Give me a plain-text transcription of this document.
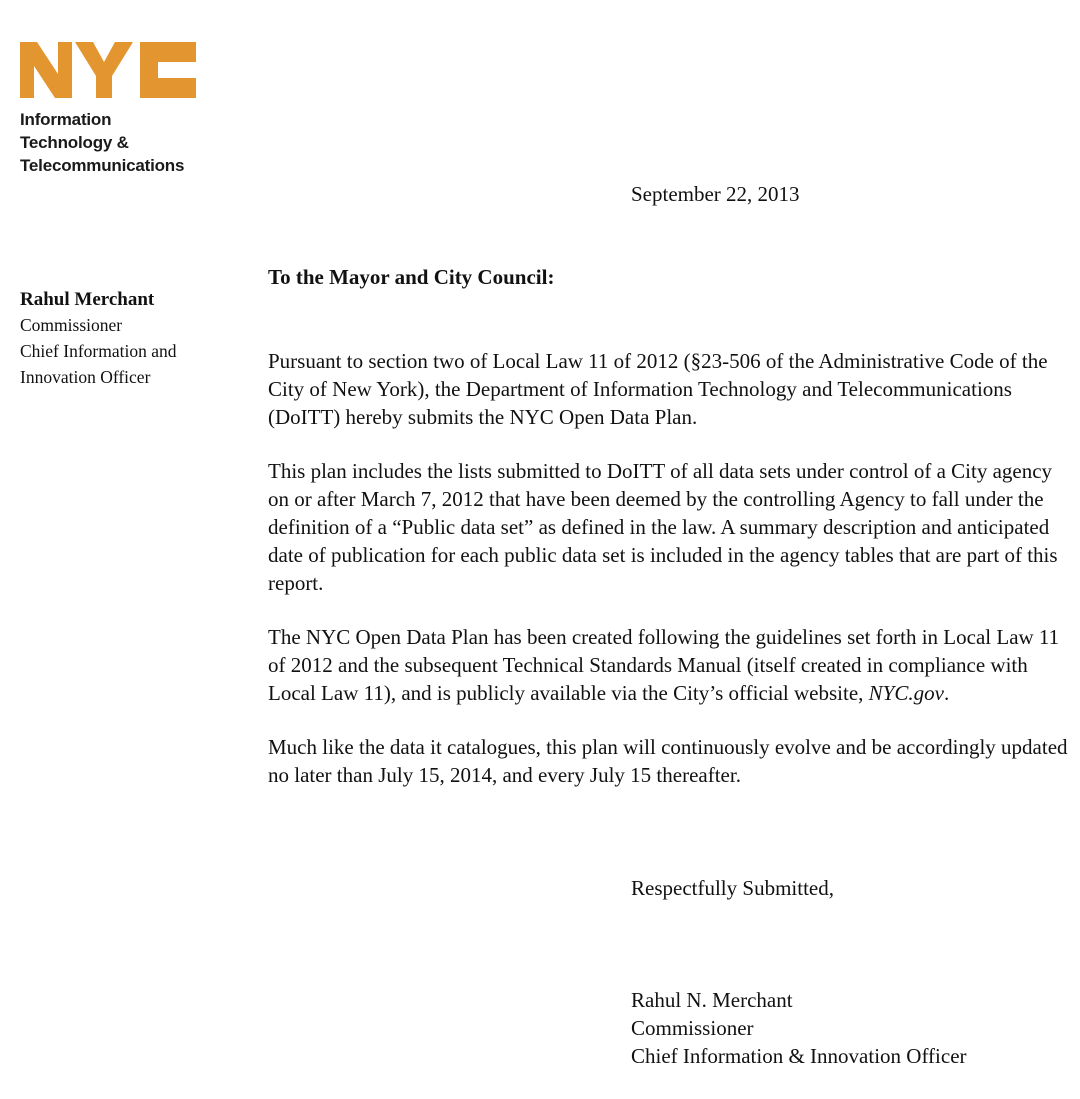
Information
Technology &
Telecommunications
September 22, 2013
Rahul Merchant
Commissioner
Chief Information and
Innovation Officer
To the Mayor and City Council:

Pursuant to section two of Local Law 11 of 2012 (§23-506 of the Administrative Code of the City of New York), the Department of Information Technology and Telecommunications (DoITT) hereby submits the NYC Open Data Plan.

This plan includes the lists submitted to DoITT of all data sets under control of a City agency on or after March 7, 2012 that have been deemed by the controlling Agency to fall under the definition of a “Public data set” as defined in the law. A summary description and anticipated date of publication for each public data set is included in the agency tables that are part of this report.

The NYC Open Data Plan has been created following the guidelines set forth in Local Law 11 of 2012 and the subsequent Technical Standards Manual (itself created in compliance with Local Law 11), and is publicly available via the City’s official website, NYC.gov.

Much like the data it catalogues, this plan will continuously evolve and be accordingly updated no later than July 15, 2014, and every July 15 thereafter.

Respectfully Submitted,
Rahul N. Merchant
Commissioner
Chief Information & Innovation Officer
